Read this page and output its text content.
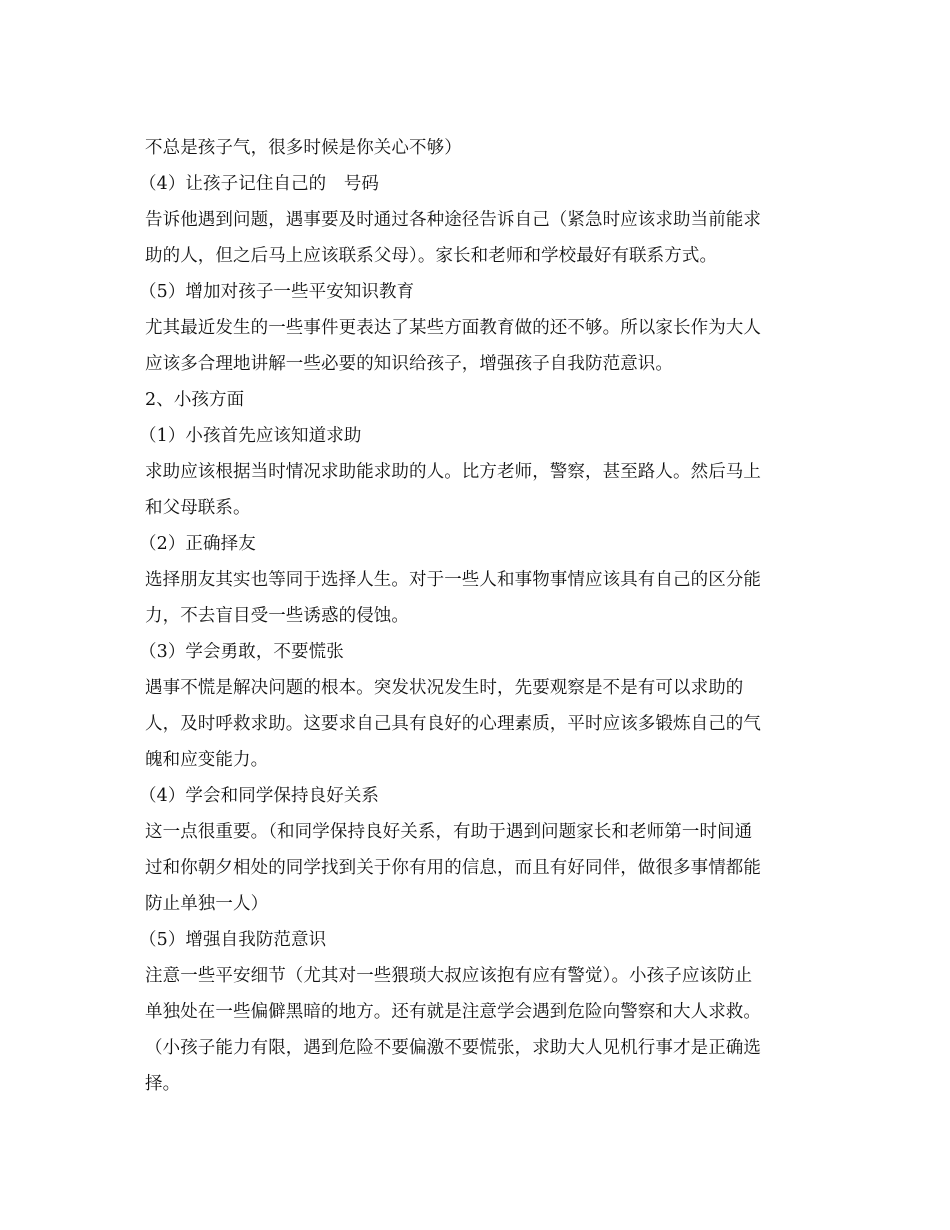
不总是孩子气，很多时候是你关心不够）
（4）让孩子记住自己的　号码
告诉他遇到问题，遇事要及时通过各种途径告诉自己（紧急时应该求助当前能求
助的人，但之后马上应该联系父母）。家长和老师和学校最好有联系方式。
（5）增加对孩子一些平安知识教育
尤其最近发生的一些事件更表达了某些方面教育做的还不够。所以家长作为大人
应该多合理地讲解一些必要的知识给孩子，增强孩子自我防范意识。
2、小孩方面
（1）小孩首先应该知道求助
求助应该根据当时情况求助能求助的人。比方老师，警察，甚至路人。然后马上
和父母联系。
（2）正确择友
选择朋友其实也等同于选择人生。对于一些人和事物事情应该具有自己的区分能
力，不去盲目受一些诱惑的侵蚀。
（3）学会勇敢，不要慌张
遇事不慌是解决问题的根本。突发状况发生时，先要观察是不是有可以求助的
人，及时呼救求助。这要求自己具有良好的心理素质，平时应该多锻炼自己的气
魄和应变能力。
（4）学会和同学保持良好关系
这一点很重要。（和同学保持良好关系，有助于遇到问题家长和老师第一时间通
过和你朝夕相处的同学找到关于你有用的信息，而且有好同伴，做很多事情都能
防止单独一人）
（5）增强自我防范意识
注意一些平安细节（尤其对一些猥琐大叔应该抱有应有警觉）。小孩子应该防止
单独处在一些偏僻黑暗的地方。还有就是注意学会遇到危险向警察和大人求救。
（小孩子能力有限，遇到危险不要偏激不要慌张，求助大人见机行事才是正确选
择。
